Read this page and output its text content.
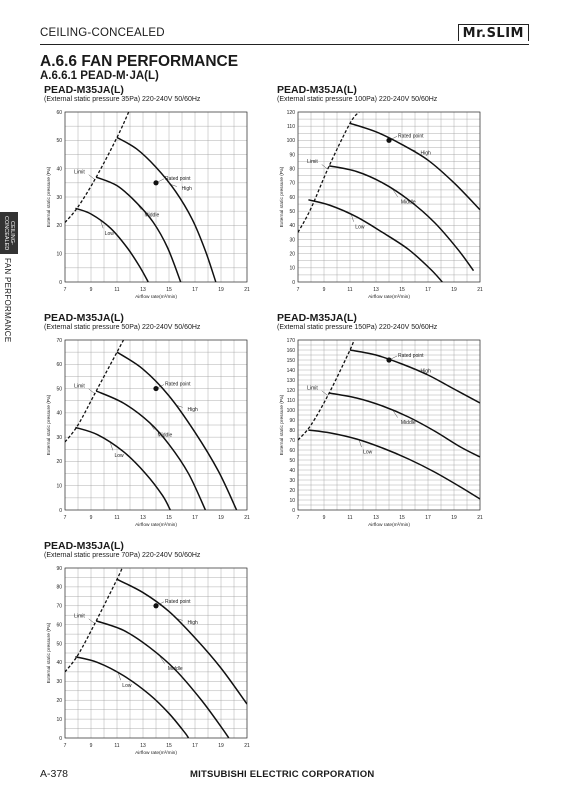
CEILING-CONCEALED	Mr.SLIM
A.6.6 FAN PERFORMANCE
A.6.6.1 PEAD-M·JA(L)
CEILING-CONCEALED
FAN PERFORMANCE
PEAD-M35JA(L)
(External static pressure 35Pa) 220-240V 50/60Hz
7	9	11	13	15	17	19	21
0
10
20
30
40
50
60
Airflow rate(m³/min)
External static pressure (Pa)	Limit
High
Middle
Low
Rated point
PEAD-M35JA(L)
(External static pressure 100Pa) 220-240V 50/60Hz
7	9	11	13	15	17	19	21
0
10
20
30
40
50
60
70
80
90
100
110
120
Airflow rate(m³/min)
External static pressure (Pa)
Limit
High
Middle
Low
Rated point
PEAD-M35JA(L)
(External static pressure 50Pa) 220-240V 50/60Hz
7	9	11	13	15	17	19	21
0
10
20
30
40
50
60
70
Airflow rate(m³/min)
External static pressure (Pa)
Limit
High
Middle
Low
Rated point
PEAD-M35JA(L)
(External static pressure 150Pa) 220-240V 50/60Hz
7	9	11	13	15	17	19	21
0
10
20
30
40
50
60
70
80
90
100
110
120
130
140
150
160
170
Airflow rate(m³/min)
External static pressure (Pa)
Limit
High
Middle
Low
Rated point
PEAD-M35JA(L)
(External static pressure 70Pa) 220-240V 50/60Hz
7	9	11	13	15	17	19	21
0
10
20
30
40
50
60
70
80
90
Airflow rate(m³/min)
External static pressure (Pa)
Limit
High
Middle
Low
Rated point
A-378	MITSUBISHI ELECTRIC CORPORATION
